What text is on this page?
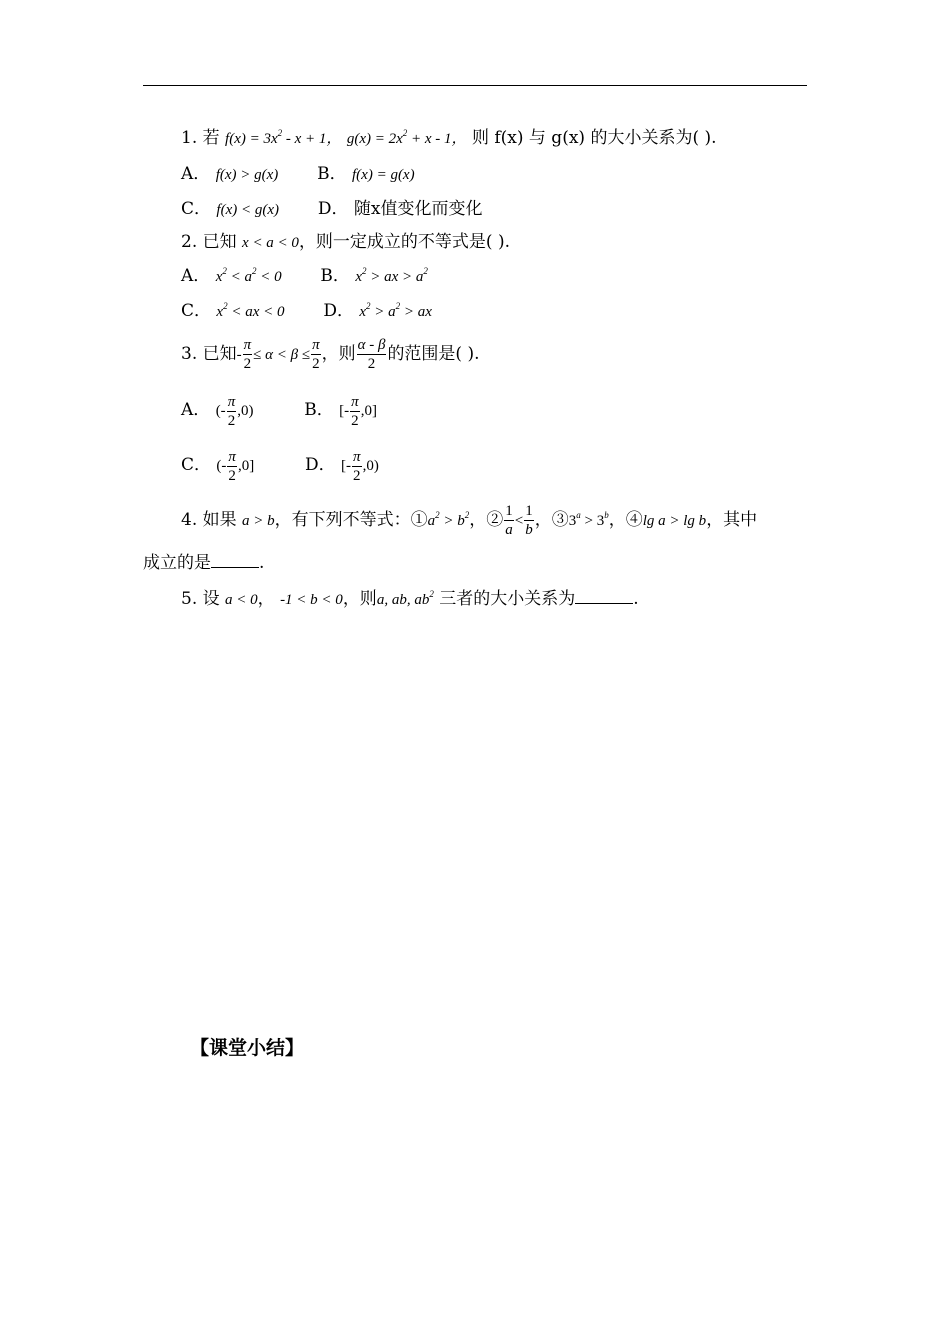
1. 若 $f(x) = 3x^2 - x + 1$， $g(x) = 2x^2 + x - 1$， 则 f(x) 与 g(x) 的大小关系为( ).
A． f(x) > g(x) B． f(x) = g(x)
C． f(x) < g(x) D． 随x值变化而变化
2. 已知 x < a < 0，则一定成立的不等式是( ).
A． $x^2 < a^2 < 0$ B． $x^2$ > ax > $a^2$
C． $x^2$ < ax < 0 D． $x^2 > a^2$ > ax
3. 已知- $\frac{\pi}{2} \le \alpha < \beta \le \frac{\pi}{2}$ ，则 $\frac{\alpha - \beta}{2}$ 的范围是( ).
A． (- $\frac{\pi}{2} ,0$)	B． [- $\frac{\pi}{2} ,0$]
C． (- $\frac{\pi}{2} ,0$]	D． [- $\frac{\pi}{2} ,0$)
4. 如果 a > b，有下列不等式：$①a^2 > b^2$，② $\frac{1}{a} < \frac{1}{b}$ ，$③3^a > 3^b$，④lg a > lg b，其中
成立的是	.
5. 设 a < 0， -1 < b < 0，则a, ab, $ab^2$ 三者的大小关系为	.
【课堂小结】
